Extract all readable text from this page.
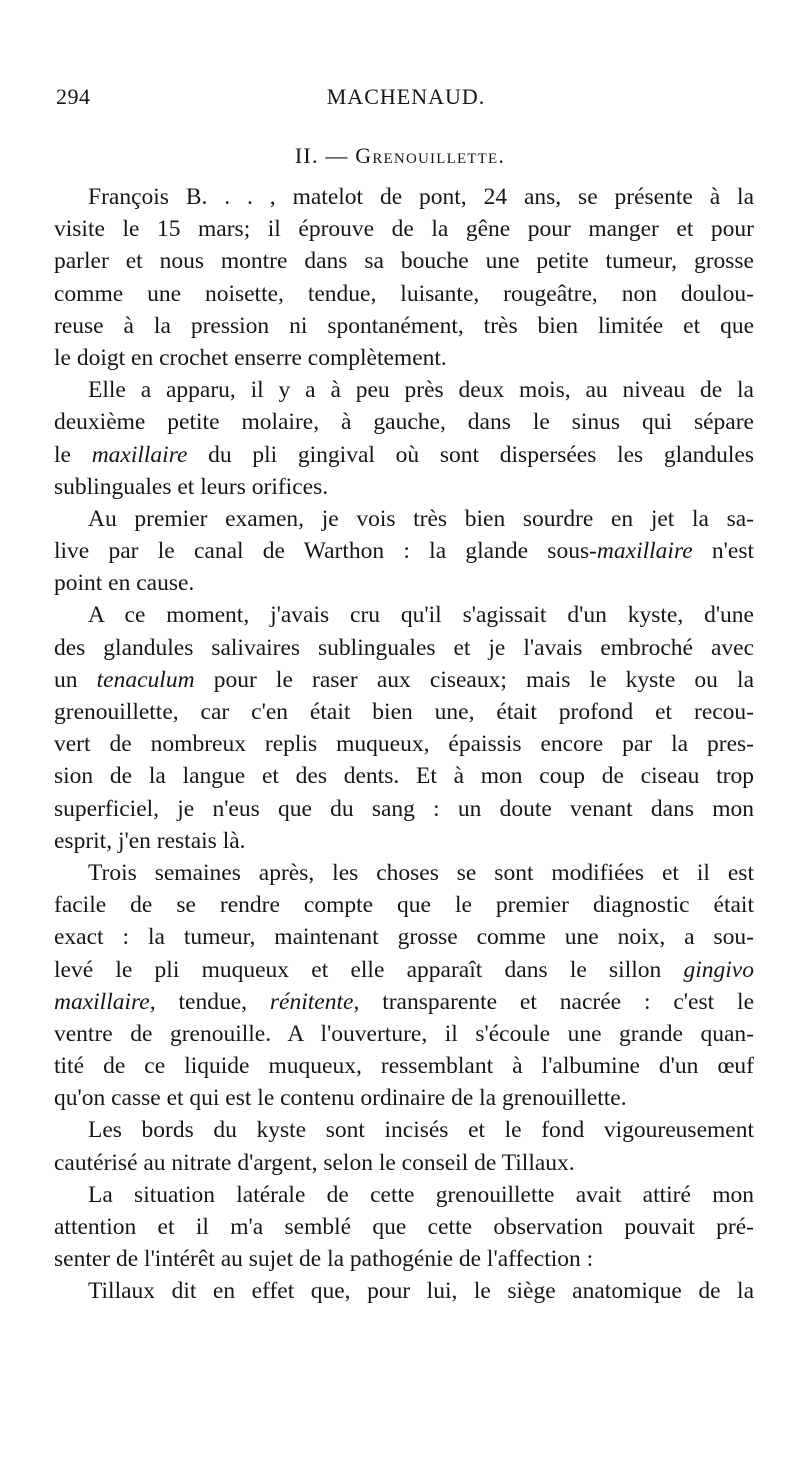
294	MACHENAUD.
II. — Grenouillette.
François B. . . , matelot de pont, 24 ans, se présente à la
visite le 15 mars; il éprouve de la gêne pour manger et pour
parler et nous montre dans sa bouche une petite tumeur, grosse
comme une noisette, tendue, luisante, rougeâtre, non doulou-
reuse à la pression ni spontanément, très bien limitée et que
le doigt en crochet enserre complètement.
Elle a apparu, il y a à peu près deux mois, au niveau de la
deuxième petite molaire, à gauche, dans le sinus qui sépare
le maxillaire du pli gingival où sont dispersées les glandules
sublinguales et leurs orifices.
Au premier examen, je vois très bien sourdre en jet la sa-
live par le canal de Warthon : la glande sous-maxillaire n'est
point en cause.
A ce moment, j'avais cru qu'il s'agissait d'un kyste, d'une
des glandules salivaires sublinguales et je l'avais embroché avec
un tenaculum pour le raser aux ciseaux; mais le kyste ou la
grenouillette, car c'en était bien une, était profond et recou-
vert de nombreux replis muqueux, épaissis encore par la pres-
sion de la langue et des dents. Et à mon coup de ciseau trop
superficiel, je n'eus que du sang : un doute venant dans mon
esprit, j'en restais là.
Trois semaines après, les choses se sont modifiées et il est
facile de se rendre compte que le premier diagnostic était
exact : la tumeur, maintenant grosse comme une noix, a sou-
levé le pli muqueux et elle apparaît dans le sillon gingivo
maxillaire, tendue, rénitente, transparente et nacrée : c'est le
ventre de grenouille. A l'ouverture, il s'écoule une grande quan-
tité de ce liquide muqueux, ressemblant à l'albumine d'un œuf
qu'on casse et qui est le contenu ordinaire de la grenouillette.
Les bords du kyste sont incisés et le fond vigoureusement
cautérisé au nitrate d'argent, selon le conseil de Tillaux.
La situation latérale de cette grenouillette avait attiré mon
attention et il m'a semblé que cette observation pouvait pré-
senter de l'intérêt au sujet de la pathogénie de l'affection :
Tillaux dit en effet que, pour lui, le siège anatomique de la
